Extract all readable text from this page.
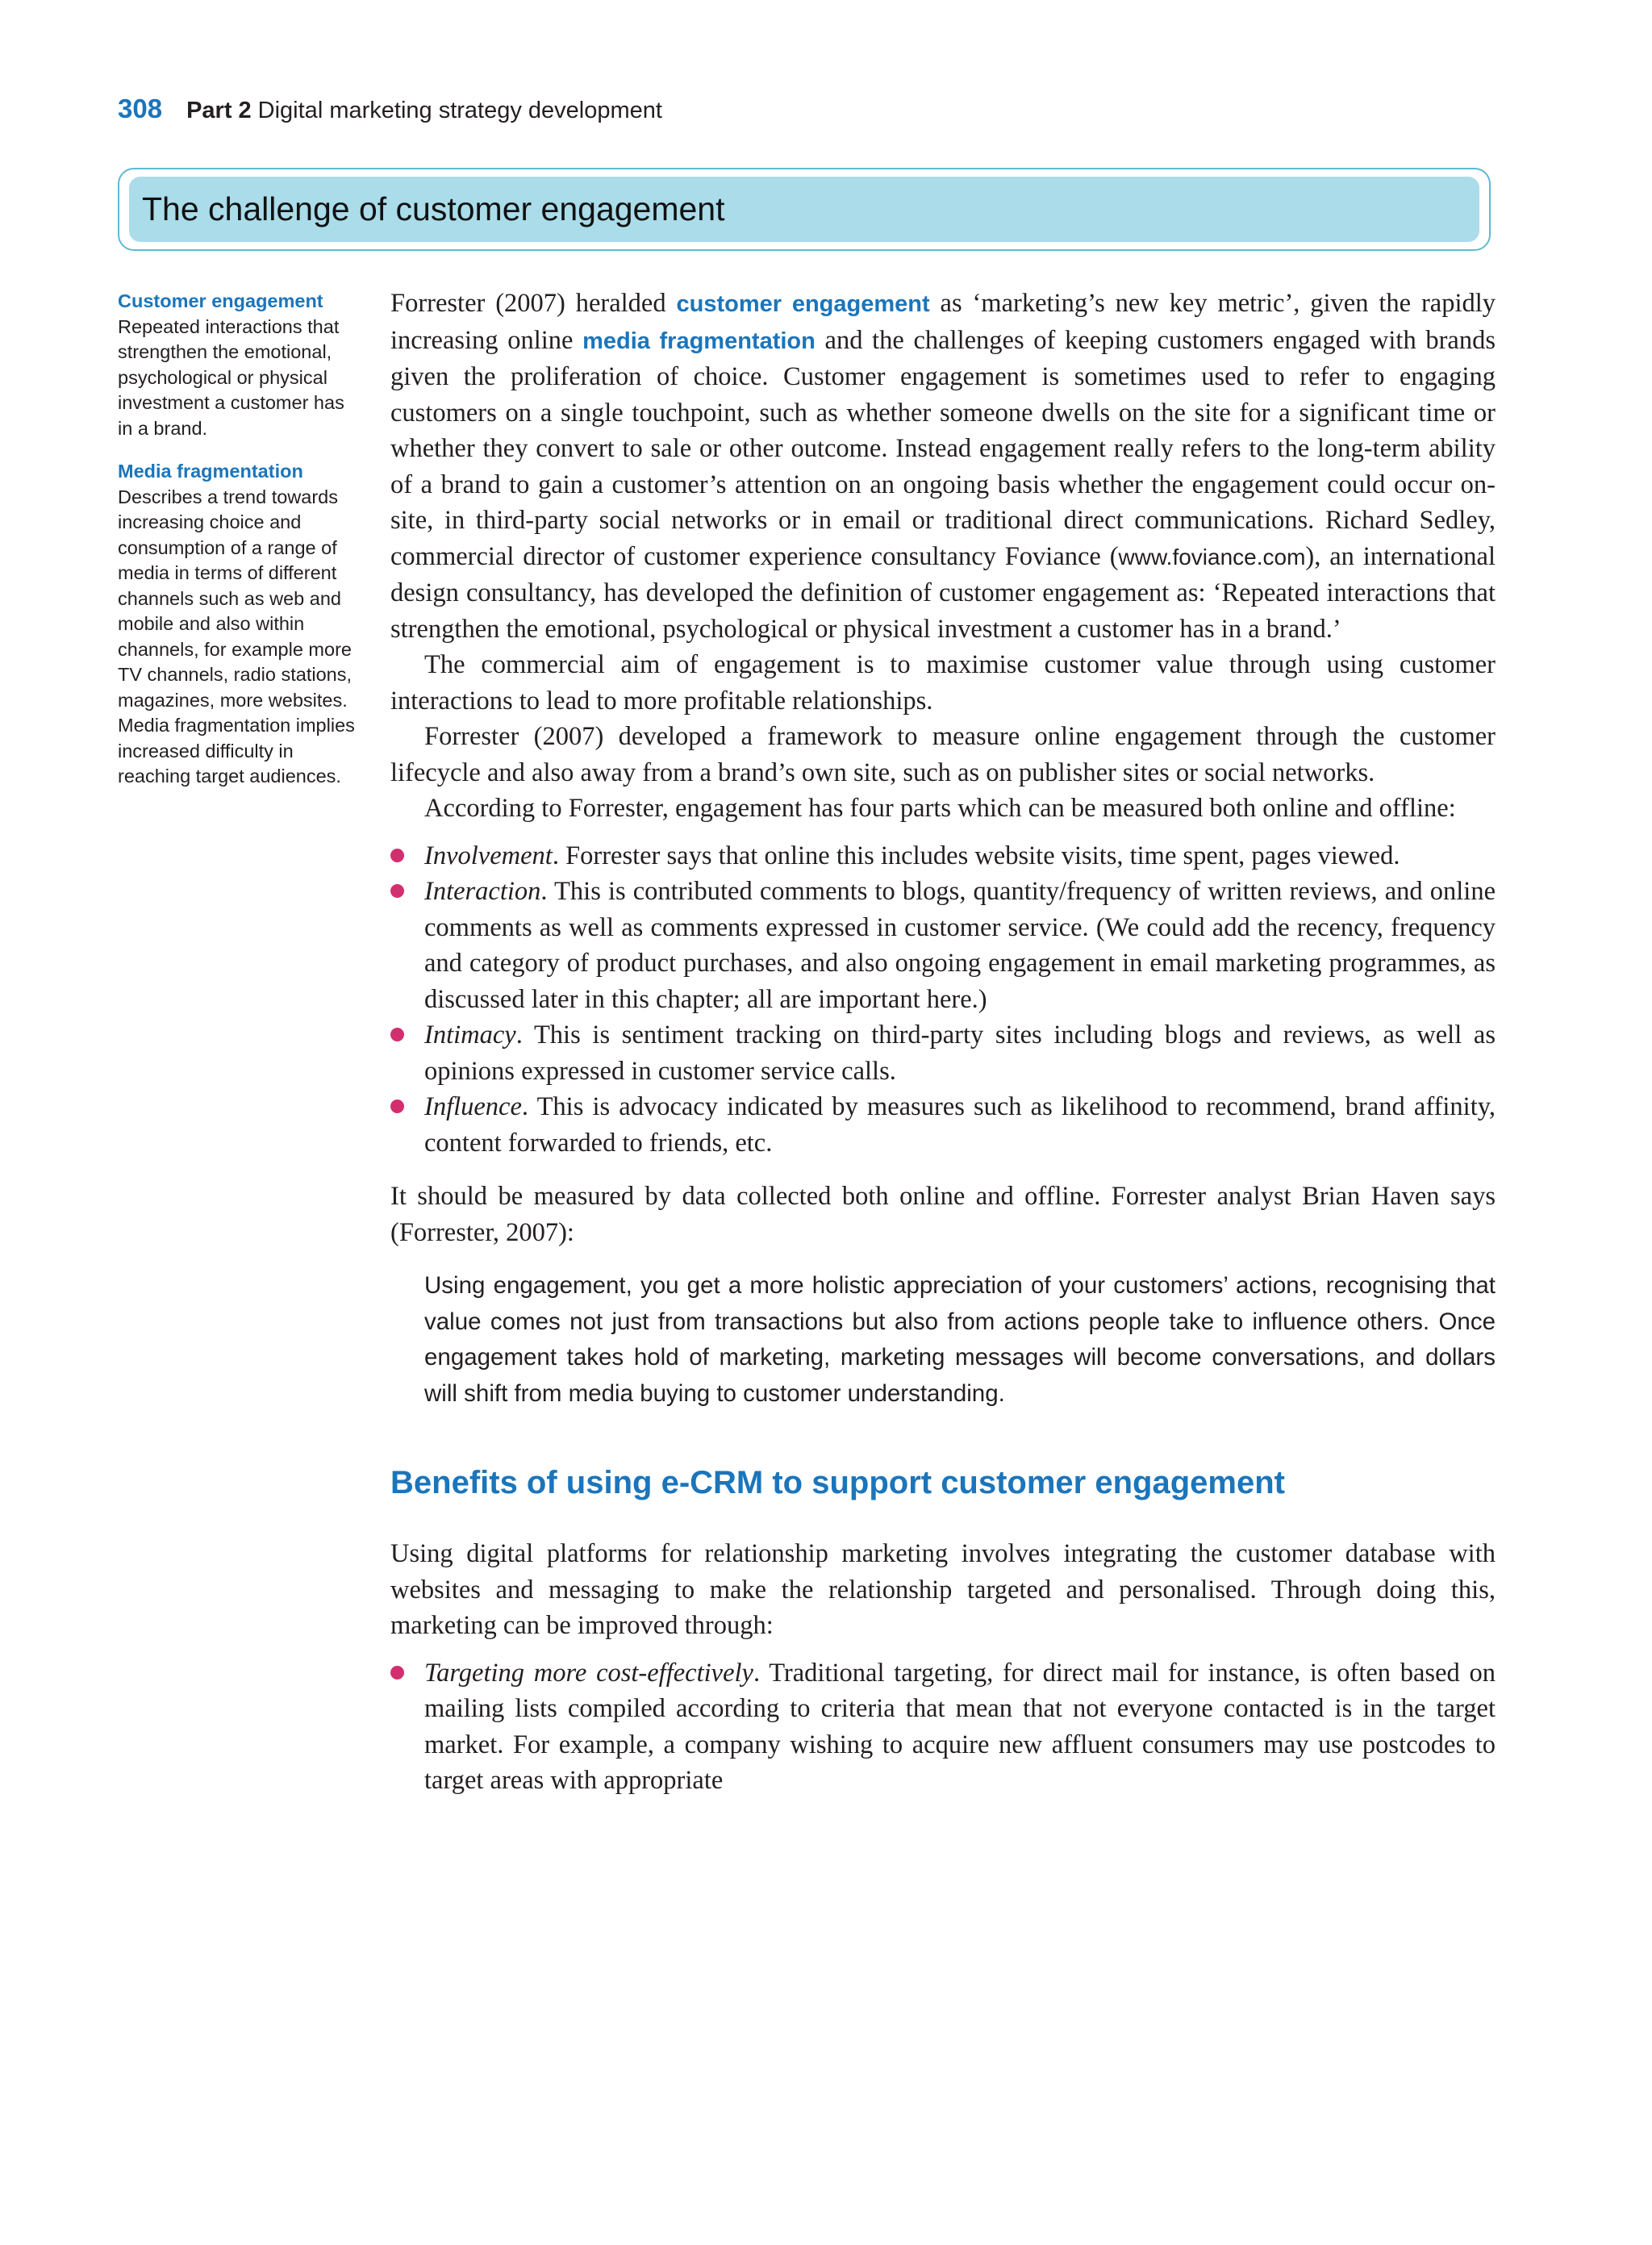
308 Part 2 Digital marketing strategy development
The challenge of customer engagement
Customer engagement
Repeated interactions that strengthen the emotional, psychological or physical investment a customer has in a brand.
Media fragmentation
Describes a trend towards increasing choice and consumption of a range of media in terms of different channels such as web and mobile and also within channels, for example more TV channels, radio stations, magazines, more websites. Media fragmentation implies increased difficulty in reaching target audiences.

Forrester (2007) heralded customer engagement as ‘marketing’s new key metric’, given the rapidly increasing online media fragmentation and the challenges of keeping customers engaged with brands given the proliferation of choice. Customer engagement is sometimes used to refer to engaging customers on a single touchpoint, such as whether someone dwells on the site for a significant time or whether they convert to sale or other outcome. Instead engagement really refers to the long-term ability of a brand to gain a customer’s attention on an ongoing basis whether the engagement could occur on-site, in third-party social networks or in email or traditional direct communications. Richard Sedley, commercial director of customer experience consultancy Foviance (www.foviance.com), an international design consultancy, has developed the definition of customer engagement as: ‘Repeated interactions that strengthen the emotional, psychological or physical investment a customer has in a brand.’

The commercial aim of engagement is to maximise customer value through using customer interactions to lead to more profitable relationships.

Forrester (2007) developed a framework to measure online engagement through the customer lifecycle and also away from a brand’s own site, such as on publisher sites or social networks.

According to Forrester, engagement has four parts which can be measured both online and offline:

Involvement. Forrester says that online this includes website visits, time spent, pages viewed.
Interaction. This is contributed comments to blogs, quantity/frequency of written reviews, and online comments as well as comments expressed in customer service. (We could add the recency, frequency and category of product purchases, and also ongoing engagement in email marketing programmes, as discussed later in this chapter; all are important here.)
Intimacy. This is sentiment tracking on third-party sites including blogs and reviews, as well as opinions expressed in customer service calls.
Influence. This is advocacy indicated by measures such as likelihood to recommend, brand affinity, content forwarded to friends, etc.

It should be measured by data collected both online and offline. Forrester analyst Brian Haven says (Forrester, 2007):

Using engagement, you get a more holistic appreciation of your customers’ actions, recognising that value comes not just from transactions but also from actions people take to influence others. Once engagement takes hold of marketing, marketing messages will become conversations, and dollars will shift from media buying to customer understanding.

Benefits of using e-CRM to support customer engagement

Using digital platforms for relationship marketing involves integrating the customer database with websites and messaging to make the relationship targeted and personalised. Through doing this, marketing can be improved through:

Targeting more cost-effectively. Traditional targeting, for direct mail for instance, is often based on mailing lists compiled according to criteria that mean that not everyone contacted is in the target market. For example, a company wishing to acquire new affluent consumers may use postcodes to target areas with appropriate
